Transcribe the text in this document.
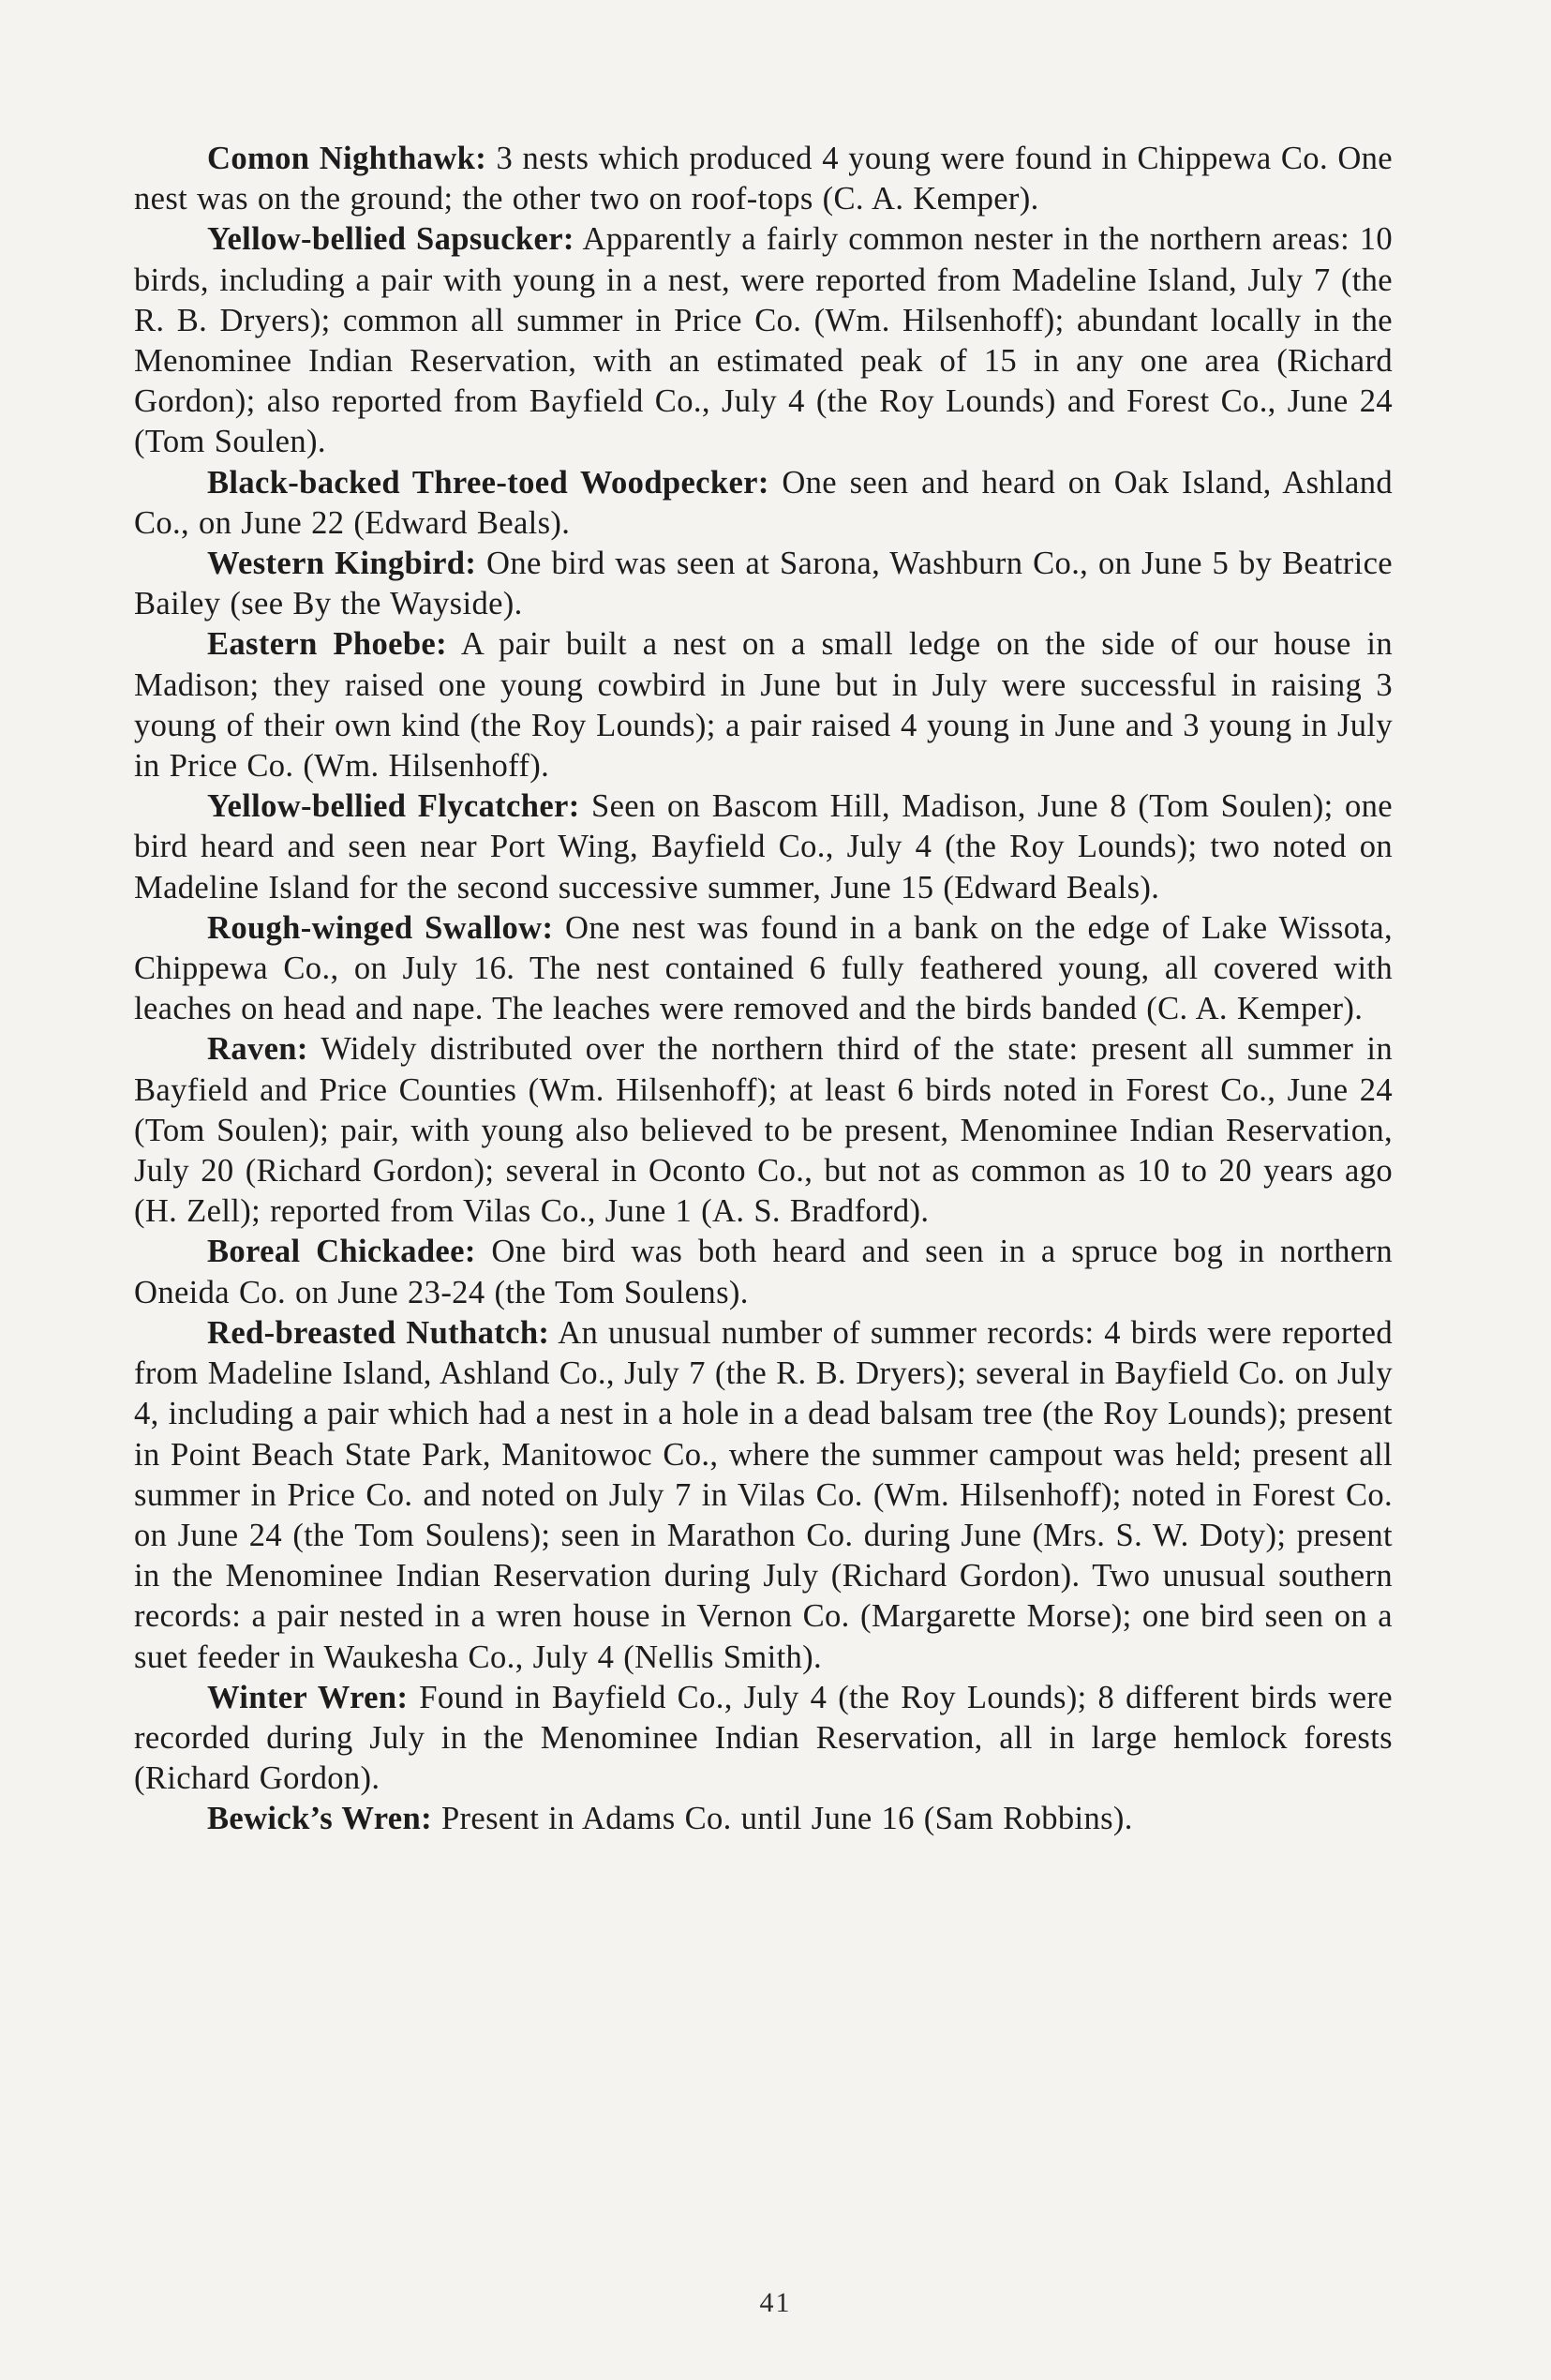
Comon Nighthawk: 3 nests which produced 4 young were found in Chippewa Co. One nest was on the ground; the other two on roof-tops (C. A. Kemper).

Yellow-bellied Sapsucker: Apparently a fairly common nester in the northern areas: 10 birds, including a pair with young in a nest, were reported from Madeline Island, July 7 (the R. B. Dryers); common all summer in Price Co. (Wm. Hilsenhoff); abundant locally in the Menominee Indian Reservation, with an estimated peak of 15 in any one area (Richard Gordon); also reported from Bayfield Co., July 4 (the Roy Lounds) and Forest Co., June 24 (Tom Soulen).

Black-backed Three-toed Woodpecker: One seen and heard on Oak Island, Ashland Co., on June 22 (Edward Beals).

Western Kingbird: One bird was seen at Sarona, Washburn Co., on June 5 by Beatrice Bailey (see By the Wayside).

Eastern Phoebe: A pair built a nest on a small ledge on the side of our house in Madison; they raised one young cowbird in June but in July were successful in raising 3 young of their own kind (the Roy Lounds); a pair raised 4 young in June and 3 young in July in Price Co. (Wm. Hilsenhoff).

Yellow-bellied Flycatcher: Seen on Bascom Hill, Madison, June 8 (Tom Soulen); one bird heard and seen near Port Wing, Bayfield Co., July 4 (the Roy Lounds); two noted on Madeline Island for the second successive summer, June 15 (Edward Beals).

Rough-winged Swallow: One nest was found in a bank on the edge of Lake Wissota, Chippewa Co., on July 16. The nest contained 6 fully feathered young, all covered with leaches on head and nape. The leaches were removed and the birds banded (C. A. Kemper).

Raven: Widely distributed over the northern third of the state: present all summer in Bayfield and Price Counties (Wm. Hilsenhoff); at least 6 birds noted in Forest Co., June 24 (Tom Soulen); pair, with young also believed to be present, Menominee Indian Reservation, July 20 (Richard Gordon); several in Oconto Co., but not as common as 10 to 20 years ago (H. Zell); reported from Vilas Co., June 1 (A. S. Bradford).

Boreal Chickadee: One bird was both heard and seen in a spruce bog in northern Oneida Co. on June 23-24 (the Tom Soulens).

Red-breasted Nuthatch: An unusual number of summer records: 4 birds were reported from Madeline Island, Ashland Co., July 7 (the R. B. Dryers); several in Bayfield Co. on July 4, including a pair which had a nest in a hole in a dead balsam tree (the Roy Lounds); present in Point Beach State Park, Manitowoc Co., where the summer campout was held; present all summer in Price Co. and noted on July 7 in Vilas Co. (Wm. Hilsenhoff); noted in Forest Co. on June 24 (the Tom Soulens); seen in Marathon Co. during June (Mrs. S. W. Doty); present in the Menominee Indian Reservation during July (Richard Gordon). Two unusual southern records: a pair nested in a wren house in Vernon Co. (Margarette Morse); one bird seen on a suet feeder in Waukesha Co., July 4 (Nellis Smith).

Winter Wren: Found in Bayfield Co., July 4 (the Roy Lounds); 8 different birds were recorded during July in the Menominee Indian Reservation, all in large hemlock forests (Richard Gordon).

Bewick’s Wren: Present in Adams Co. until June 16 (Sam Robbins).

41
